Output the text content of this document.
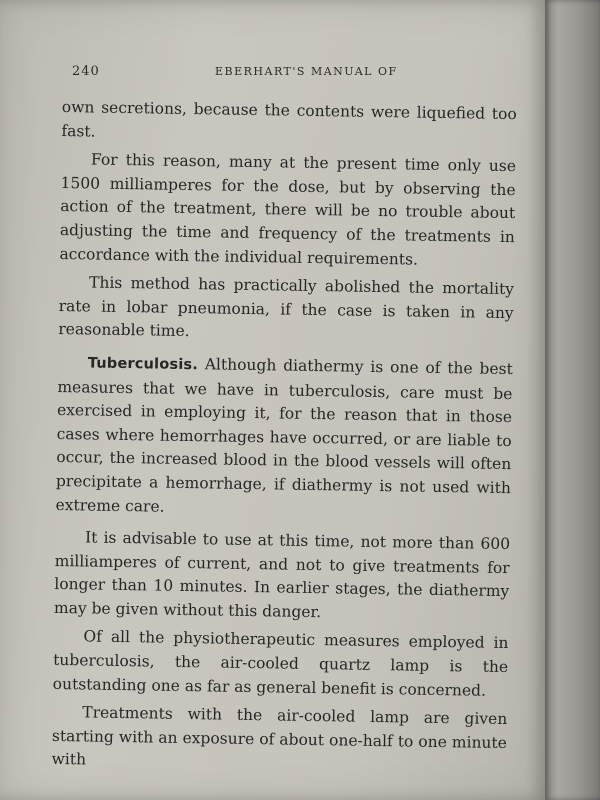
240	EBERHART'S MANUAL OF

own secretions, because the contents were liquefied too fast.

For this reason, many at the present time only use 1500 milliamperes for the dose, but by observing the action of the treatment, there will be no trouble about adjusting the time and frequency of the treatments in accordance with the individual requirements.

This method has practically abolished the mortality rate in lobar pneumonia, if the case is taken in any reasonable time.

Tuberculosis. Although diathermy is one of the best measures that we have in tuberculosis, care must be exercised in employing it, for the reason that in those cases where hemorrhages have occurred, or are liable to occur, the increased blood in the blood vessels will often precipitate a hemorrhage, if diathermy is not used with extreme care.

It is advisable to use at this time, not more than 600 milliamperes of current, and not to give treatments for longer than 10 minutes. In earlier stages, the diathermy may be given without this danger.

Of all the physiotherapeutic measures employed in tuberculosis, the air-cooled quartz lamp is the outstanding one as far as general benefit is concerned.

Treatments with the air-cooled lamp are given starting with an exposure of about one-half to one minute with
